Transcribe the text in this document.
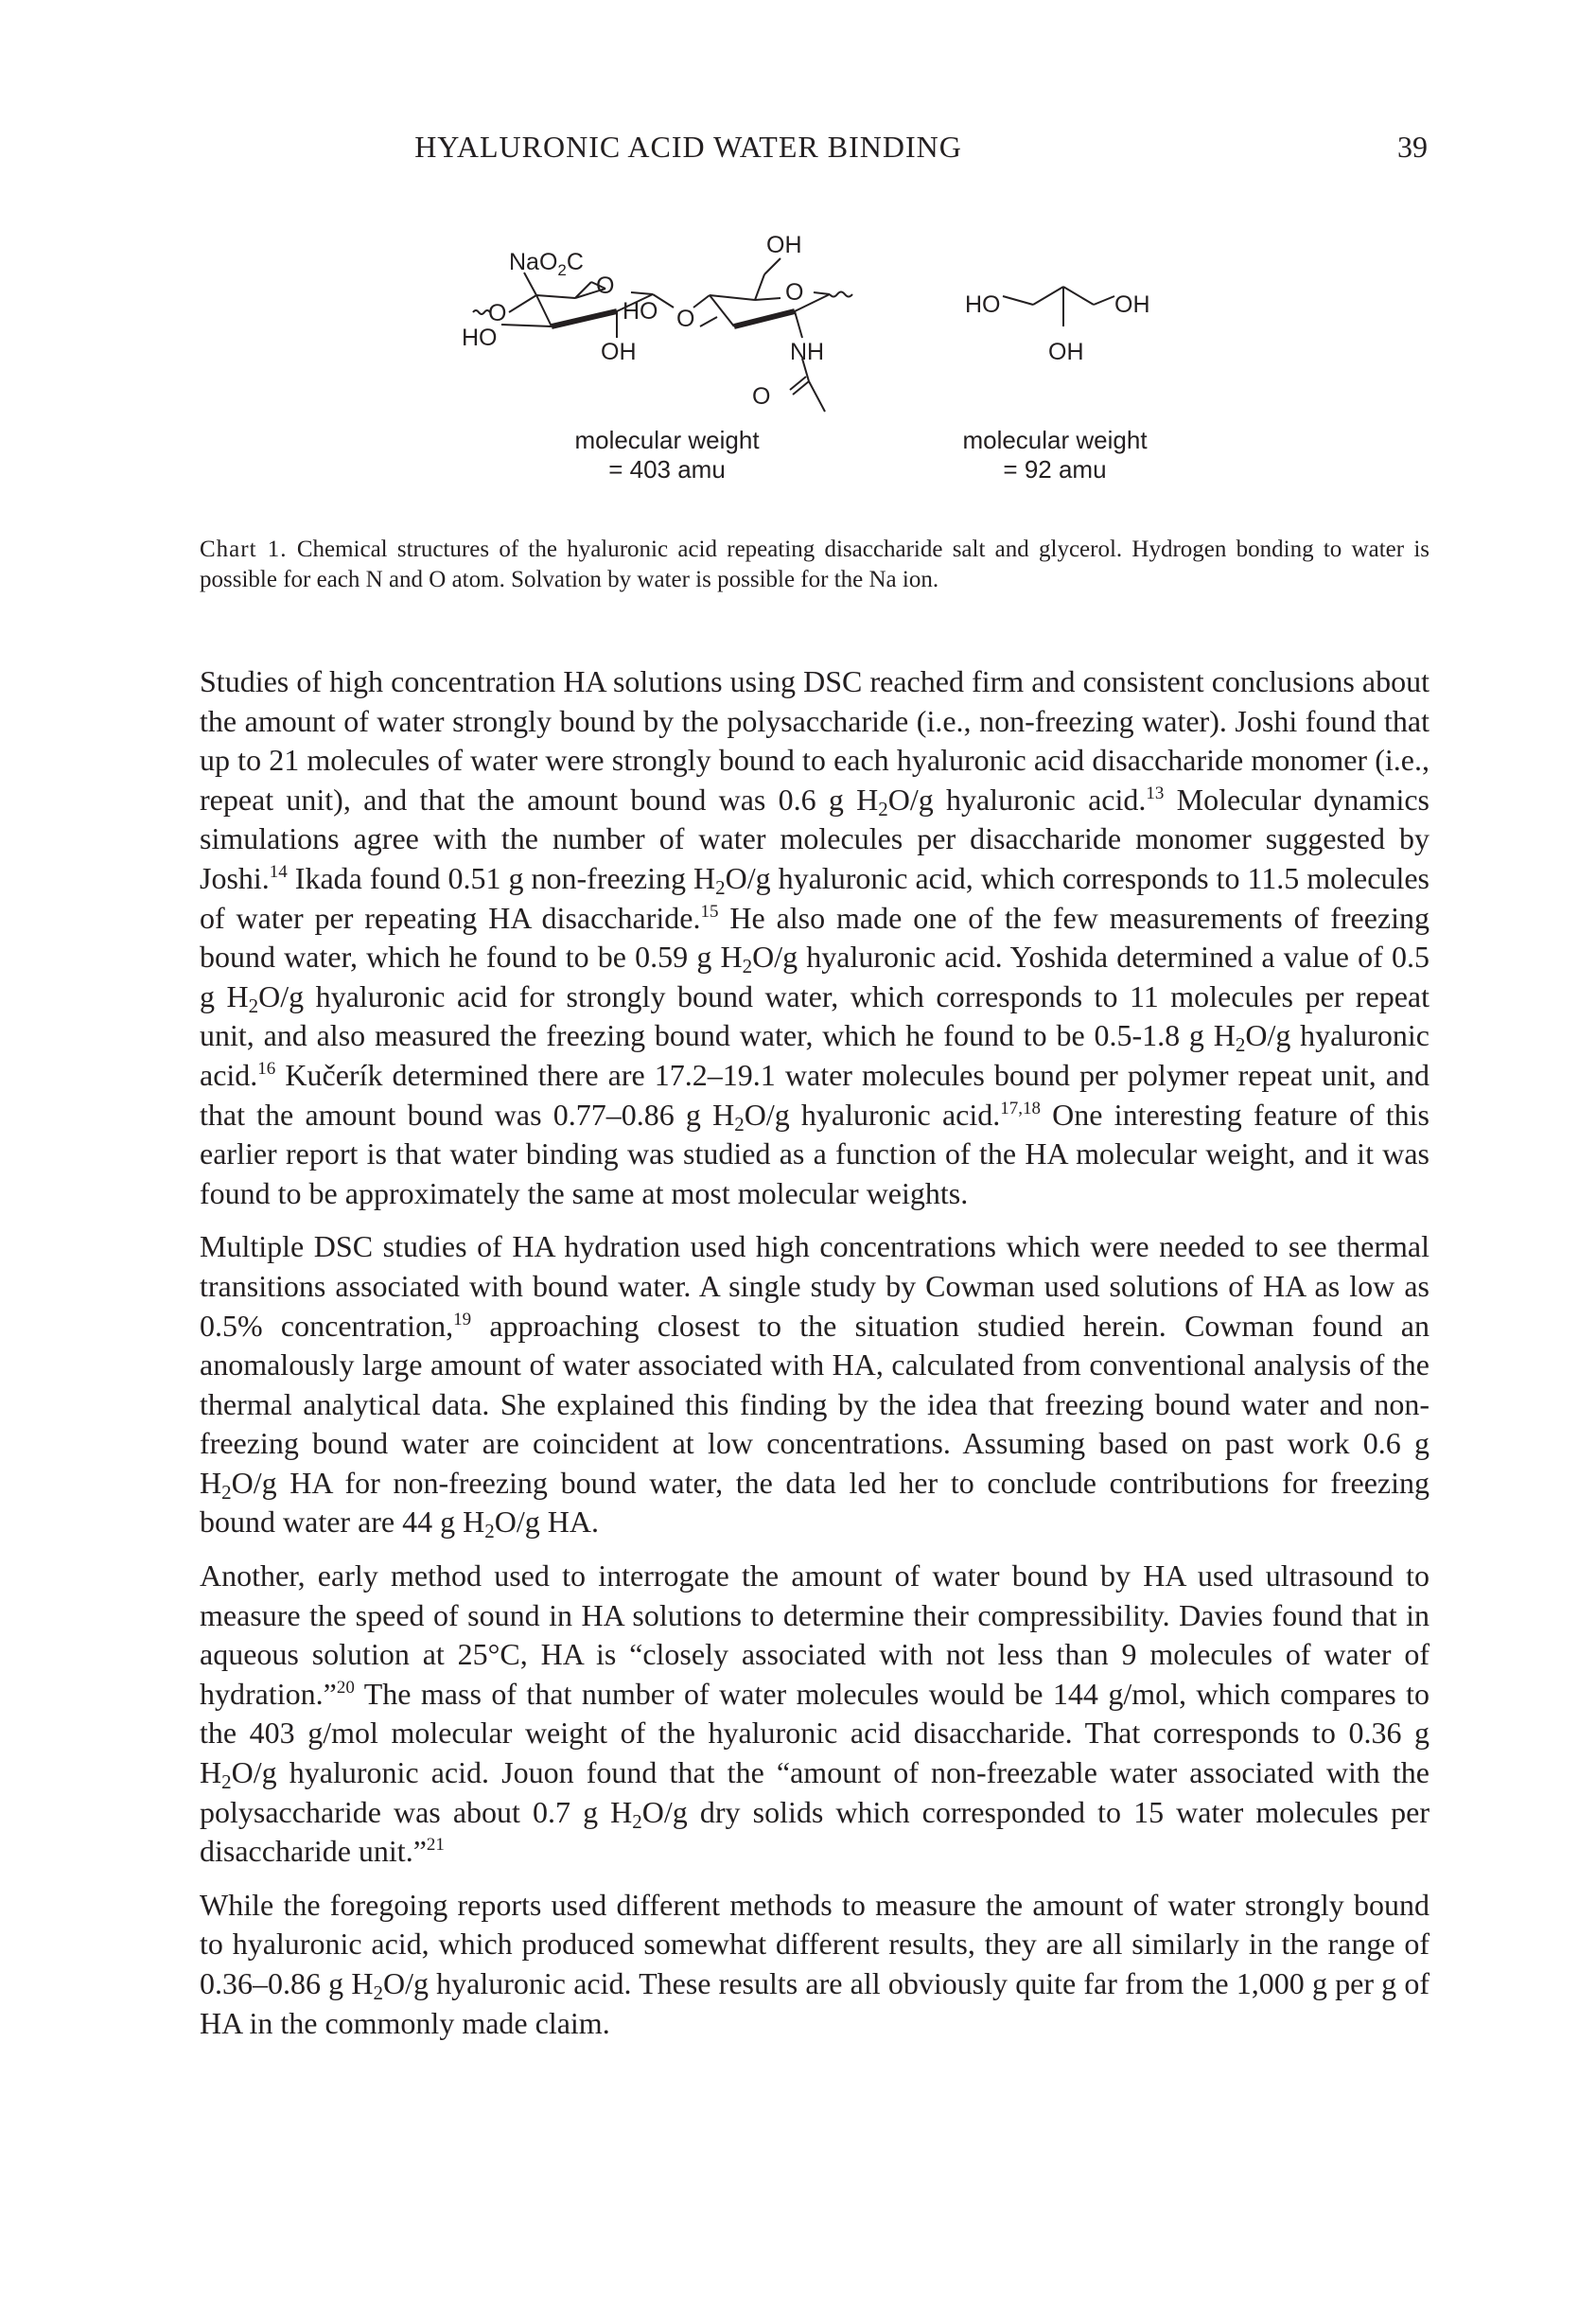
HYALURONIC ACID WATER BINDING	39
OH
NaO$_2$C
O
O
HO
HO
OH
O
O
NH
O
HO	OH
OH
molecular weight
= 403 amu
molecular weight
= 92 amu
Chart 1. Chemical structures of the hyaluronic acid repeating disaccharide salt and glycerol. Hydrogen bonding to water is possible for each N and O atom. Solvation by water is possible for the Na ion.

Studies of high concentration HA solutions using DSC reached firm and consistent conclusions about the amount of water strongly bound by the polysaccharide (i.e., non-freezing water). Joshi found that up to 21 molecules of water were strongly bound to each hyaluronic acid disaccharide monomer (i.e., repeat unit), and that the amount bound was 0.6 g $H_2O/g$ hyaluronic acid.$^{13}$ Molecular dynamics simulations agree with the number of water molecules per disaccharide monomer suggested by Joshi.$^{14}$ Ikada found 0.51 g non-freezing $H_2O/g$ hyaluronic acid, which corresponds to 11.5 molecules of water per repeating HA disaccharide.$^{15}$ He also made one of the few measurements of freezing bound water, which he found to be 0.59 g $H_2O/g$ hyaluronic acid. Yoshida determined a value of 0.5 g $H_2O/g$ hyaluronic acid for strongly bound water, which corresponds to 11 molecules per repeat unit, and also measured the freezing bound water, which he found to be 0.5-1.8 g $H_2O/g$ hyaluronic acid.$^{16}$ Kučerík determined there are 17.2–19.1 water molecules bound per polymer repeat unit, and that the amount bound was 0.77–0.86 g $H_2O/g$ hyaluronic acid.$^{17,18}$ One interesting feature of this earlier report is that water binding was studied as a function of the HA molecular weight, and it was found to be approximately the same at most molecular weights.

Multiple DSC studies of HA hydration used high concentrations which were needed to see thermal transitions associated with bound water. A single study by Cowman used solutions of HA as low as 0.5% concentration,$^{19}$ approaching closest to the situation studied herein. Cowman found an anomalously large amount of water associated with HA, calculated from conventional analysis of the thermal analytical data. She explained this finding by the idea that freezing bound water and non-freezing bound water are coincident at low concentrations. Assuming based on past work 0.6 g $H_2O/g$ HA for non-freezing bound water, the data led her to conclude contributions for freezing bound water are 44 g $H_2O/g$ HA.

Another, early method used to interrogate the amount of water bound by HA used ultrasound to measure the speed of sound in HA solutions to determine their compressibility. Davies found that in aqueous solution at 25°C, HA is “closely associated with not less than 9 molecules of water of hydration.”$^{20}$ The mass of that number of water molecules would be 144 g/mol, which compares to the 403 g/mol molecular weight of the hyaluronic acid disaccharide. That corresponds to 0.36 g $H_2O/g$ hyaluronic acid. Jouon found that the “amount of non-freezable water associated with the polysaccharide was about 0.7 g $H_2O/g$ dry solids which corresponded to 15 water molecules per disaccharide unit.”$^{21}$

While the foregoing reports used different methods to measure the amount of water strongly bound to hyaluronic acid, which produced somewhat different results, they are all similarly in the range of 0.36–0.86 g $H_2O/g$ hyaluronic acid. These results are all obviously quite far from the 1,000 g per g of HA in the commonly made claim.
